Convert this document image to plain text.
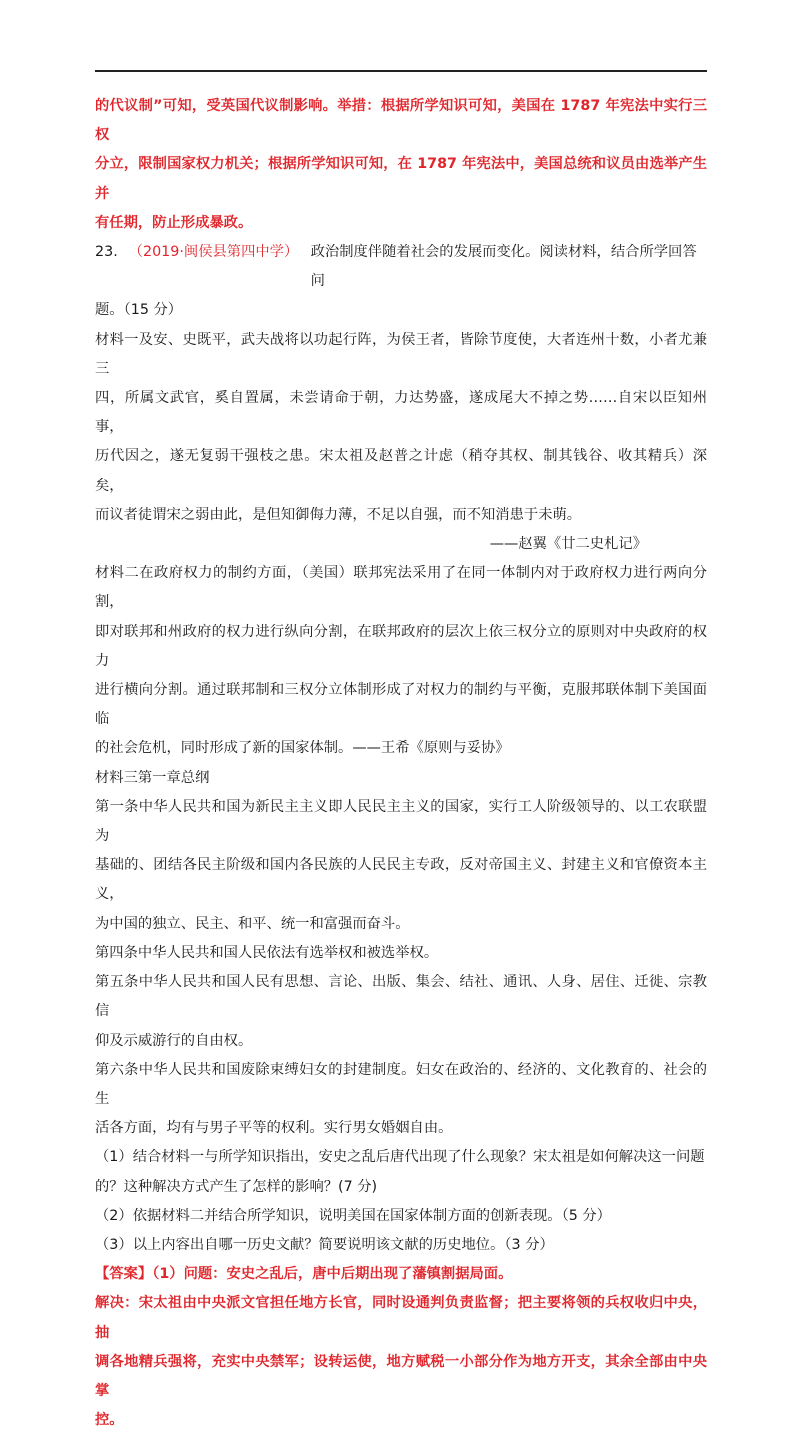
的代议制”可知，受英国代议制影响。举措：根据所学知识可知，美国在 1787 年宪法中实行三权

分立，限制国家权力机关；根据所学知识可知，在 1787 年宪法中，美国总统和议员由选举产生并

有任期，防止形成暴政。

23. （2019·闽侯县第四中学） 政治制度伴随着社会的发展而变化。阅读材料，结合所学回答问

题。（15 分）

材料一及安、史既平，武夫战将以功起行阵，为侯王者，皆除节度使，大者连州十数，小者尤兼三

四，所属文武官，奚自置属，未尝请命于朝，力达势盛，遂成尾大不掉之势……自宋以臣知州事，

历代因之，遂无复弱干强枝之患。宋太祖及赵普之计虑（稍夺其权、制其钱谷、收其精兵）深矣，

而议者徒谓宋之弱由此，是但知御侮力薄，不足以自强，而不知消患于未萌。

——赵翼《廿二史札记》

材料二在政府权力的制约方面，（美国）联邦宪法采用了在同一体制内对于政府权力进行两向分割，

即对联邦和州政府的权力进行纵向分割，在联邦政府的层次上依三权分立的原则对中央政府的权力

进行横向分割。通过联邦制和三权分立体制形成了对权力的制约与平衡，克服邦联体制下美国面临

的社会危机，同时形成了新的国家体制。——王希《原则与妥协》

材料三第一章总纲

第一条中华人民共和国为新民主主义即人民民主主义的国家，实行工人阶级领导的、以工农联盟为

基础的、团结各民主阶级和国内各民族的人民民主专政，反对帝国主义、封建主义和官僚资本主义，

为中国的独立、民主、和平、统一和富强而奋斗。

第四条中华人民共和国人民依法有选举权和被选举权。

第五条中华人民共和国人民有思想、言论、出版、集会、结社、通讯、人身、居住、迁徙、宗教信

仰及示威游行的自由权。

第六条中华人民共和国废除束缚妇女的封建制度。妇女在政治的、经济的、文化教育的、社会的生

活各方面，均有与男子平等的权利。实行男女婚姻自由。

（1）结合材料一与所学知识指出，安史之乱后唐代出现了什么现象？宋太祖是如何解决这一问题

的？这种解决方式产生了怎样的影响？(7 分)

（2）依据材料二并结合所学知识，说明美国在国家体制方面的创新表现。（5 分）

（3）以上内容出自哪一历史文献？简要说明该文献的历史地位。（3 分）

【答案】（1）问题：安史之乱后，唐中后期出现了藩镇割据局面。

解决：宋太祖由中央派文官担任地方长官，同时设通判负责监督；把主要将领的兵权收归中央，抽

调各地精兵强将，充实中央禁军；设转运使，地方赋税一小部分作为地方开支，其余全部由中央掌

控。
